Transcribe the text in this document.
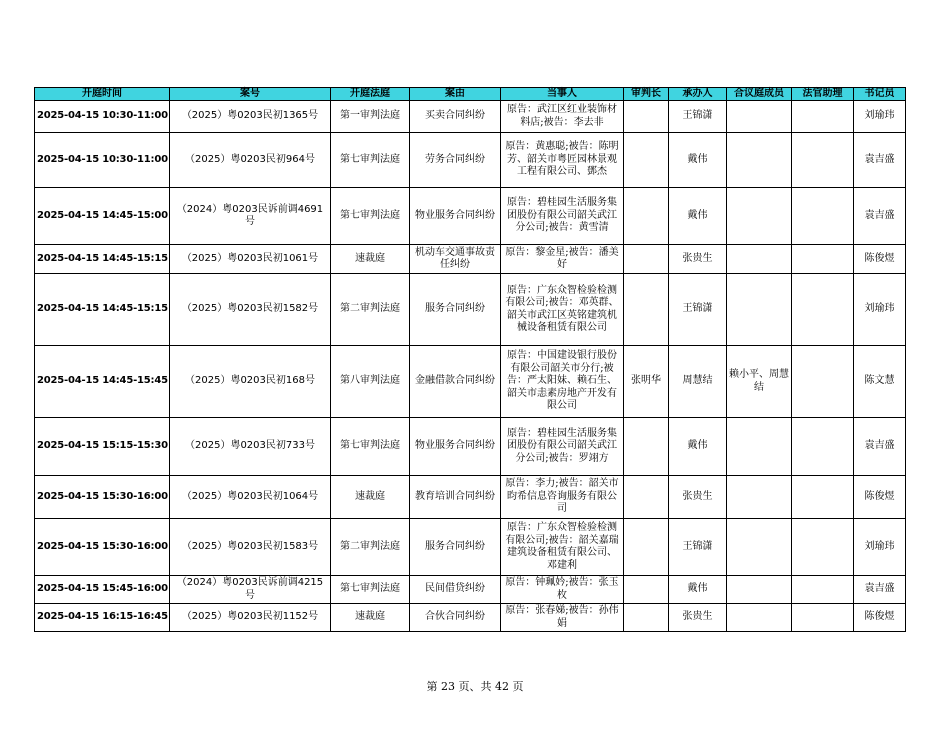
开庭时间	案号	开庭法庭	案由	当事人	审判长	承办人	合议庭成员	法官助理	书记员
2025-04-15 10:30-11:00	（2025）粤0203民初1365号	第一审判法庭	买卖合同纠纷	原告：武江区红业装饰材料店;被告：李去非		王锦潇			刘瑜玮
2025-04-15 10:30-11:00	（2025）粤0203民初964号	第七审判法庭	劳务合同纠纷	原告：黄惠聪;被告：陈明芳、韶关市粤匠园林景观工程有限公司、鄧杰		戴伟			袁吉盛
2025-04-15 14:45-15:00	（2024）粤0203民诉前调4691号	第七审判法庭	物业服务合同纠纷	原告：碧桂园生活服务集团股份有限公司韶关武江分公司;被告：黄雪清		戴伟			袁吉盛
2025-04-15 14:45-15:15	（2025）粤0203民初1061号	速裁庭	机动车交通事故责任纠纷	原告：黎金星;被告：潘美好		张贵生			陈俊煜
2025-04-15 14:45-15:15	（2025）粤0203民初1582号	第二审判法庭	服务合同纠纷	原告：广东众智检验检测有限公司;被告：邓英群、韶关市武江区英铭建筑机械设备租赁有限公司		王锦潇			刘瑜玮
2025-04-15 14:45-15:45	（2025）粤0203民初168号	第八审判法庭	金融借款合同纠纷	原告：中国建设银行股份有限公司韶关市分行;被告：严太阳妹、赖石生、韶关市恚素房地产开发有限公司	张明华	周慧结	赖小平、周慧结		陈文慧
2025-04-15 15:15-15:30	（2025）粤0203民初733号	第七审判法庭	物业服务合同纠纷	原告：碧桂园生活服务集团股份有限公司韶关武江分公司;被告：罗翊方		戴伟			袁吉盛
2025-04-15 15:30-16:00	（2025）粤0203民初1064号	速裁庭	教育培训合同纠纷	原告：李力;被告：韶关市昀希信息咨询服务有限公司		张贵生			陈俊煜
2025-04-15 15:30-16:00	（2025）粤0203民初1583号	第二审判法庭	服务合同纠纷	原告：广东众智检验检测有限公司;被告：韶关嘉瑞建筑设备租赁有限公司、邓建利		王锦潇			刘瑜玮
2025-04-15 15:45-16:00	（2024）粤0203民诉前调4215号	第七审判法庭	民间借贷纠纷	原告：钟珮妗;被告：张玉枚		戴伟			袁吉盛
2025-04-15 16:15-16:45	（2025）粤0203民初1152号	速裁庭	合伙合同纠纷	原告：张春娣;被告：孙伟娟		张贵生			陈俊煜
第 23 页、共 42 页
